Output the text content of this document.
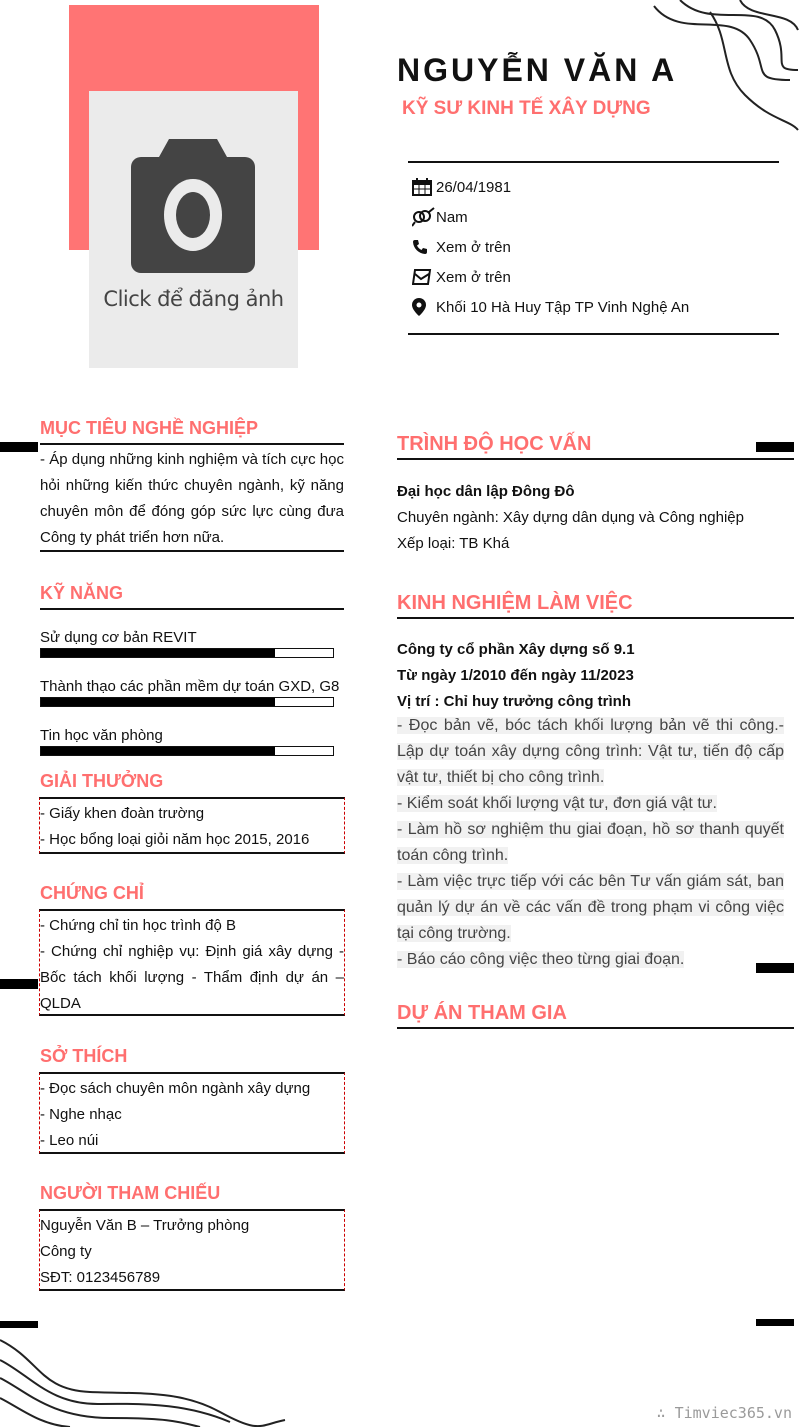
Click để đăng ảnh
NGUYỄN VĂN A
KỸ SƯ KINH TẾ XÂY DỰNG
26/04/1981
Nam
Xem ở trên
Xem ở trên
Khối 10 Hà Huy Tập TP Vinh Nghệ An
MỤC TIÊU NGHỀ NGHIỆP
- Áp dụng những kinh nghiệm và tích cực học
hỏi những kiến thức chuyên ngành, kỹ năng
chuyên môn để đóng góp sức lực cùng đưa
Công ty phát triển hơn nữa.
KỸ NĂNG
Sử dụng cơ bản REVIT
Thành thạo các phần mềm dự toán GXD, G8
Tin học văn phòng
GIẢI THƯỞNG
- Giấy khen đoàn trường
- Học bổng loại giỏi năm học 2015, 2016
CHỨNG CHỈ
- Chứng chỉ tin học trình độ B
- Chứng chỉ nghiệp vụ: Định giá xây dựng -
Bốc tách khối lượng - Thẩm định dự án –
QLDA
SỞ THÍCH
- Đọc sách chuyên môn ngành xây dựng
- Nghe nhạc
- Leo núi
NGƯỜI THAM CHIẾU
Nguyễn Văn B – Trưởng phòng
Công ty
SĐT: 0123456789
TRÌNH ĐỘ HỌC VẤN
Đại học dân lập Đông Đô
Chuyên ngành: Xây dựng dân dụng và Công nghiệp
Xếp loại: TB Khá
KINH NGHIỆM LÀM VIỆC
Công ty cổ phần Xây dựng số 9.1
Từ ngày 1/2010 đến ngày 11/2023
Vị trí : Chỉ huy trưởng công trình
- Đọc bản vẽ, bóc tách khối lượng bản vẽ thi công.-
Lập dự toán xây dựng công trình: Vật tư, tiến độ cấp
vật tư, thiết bị cho công trình.
- Kiểm soát khối lượng vật tư, đơn giá vật tư.
- Làm hồ sơ nghiệm thu giai đoạn, hồ sơ thanh quyết
toán công trình.
- Làm việc trực tiếp với các bên Tư vấn giám sát, ban
quản lý dự án về các vấn đề trong phạm vi công việc
tại công trường.
- Báo cáo công việc theo từng giai đoạn.
DỰ ÁN THAM GIA
∴ Timviec365.vn
